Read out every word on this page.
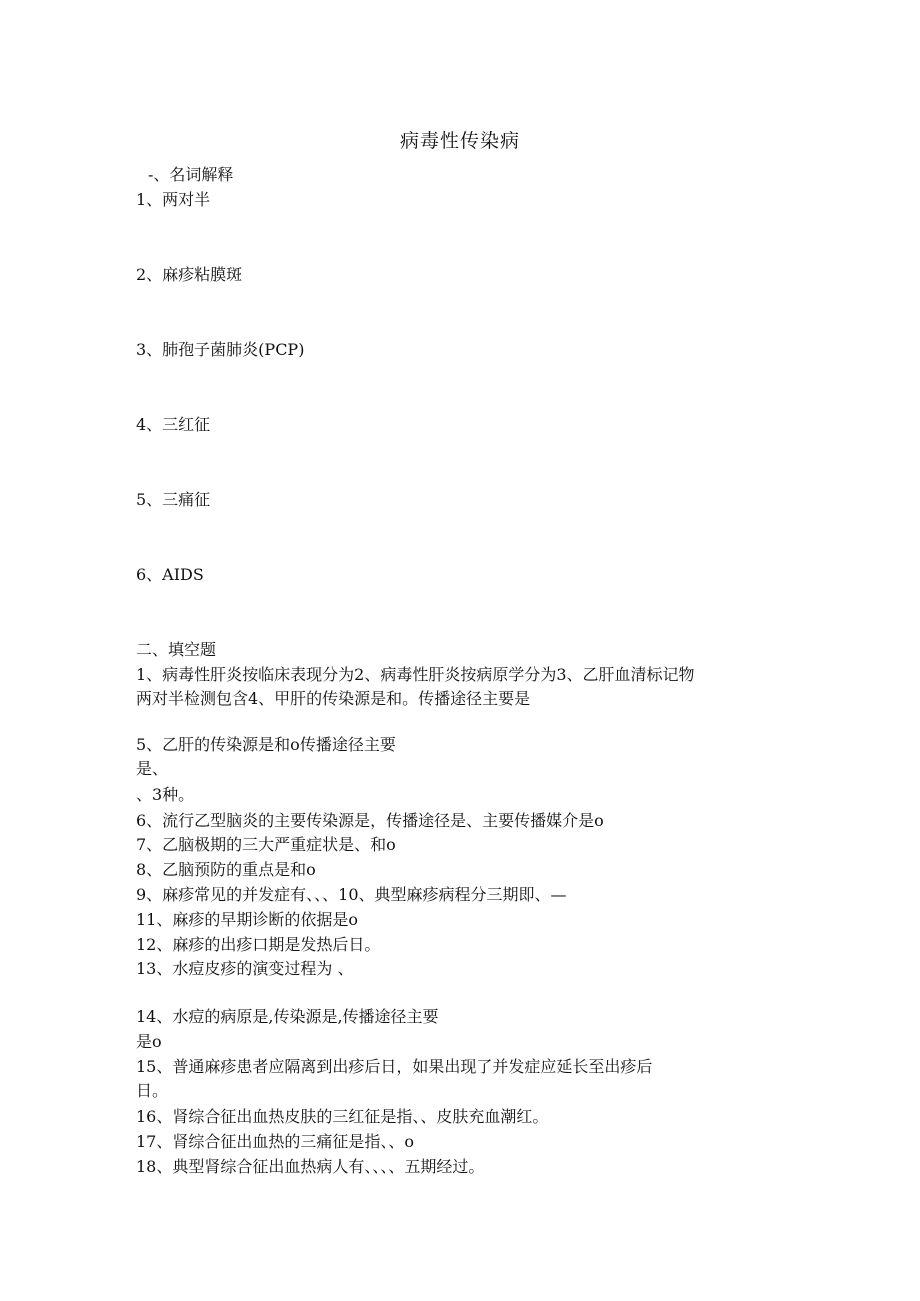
病毒性传染病
-、名词解释
1、两对半
2、麻疹粘膜斑
3、肺孢子菌肺炎(PCP)
4、三红征
5、三痛征
6、AIDS
二、填空题
1、病毒性肝炎按临床表现分为2、病毒性肝炎按病原学分为3、乙肝血清标记物
两对半检测包含4、甲肝的传染源是和。传播途径主要是
5、乙肝的传染源是和o传播途径主要
是、
、3种。
6、流行乙型脑炎的主要传染源是，传播途径是、主要传播媒介是o
7、乙脑极期的三大严重症状是、和o
8、乙脑预防的重点是和o
9、麻疹常见的并发症有、、、10、典型麻疹病程分三期即、—
11、麻疹的早期诊断的依据是o
12、麻疹的出疹口期是发热后日。
13、水痘皮疹的演变过程为 、
14、水痘的病原是,传染源是,传播途径主要
是o
15、普通麻疹患者应隔离到出疹后日，如果出现了并发症应延长至出疹后
日。
16、肾综合征出血热皮肤的三红征是指、、皮肤充血潮红。
17、肾综合征出血热的三痛征是指、、o
18、典型肾综合征出血热病人有、、、、五期经过。
